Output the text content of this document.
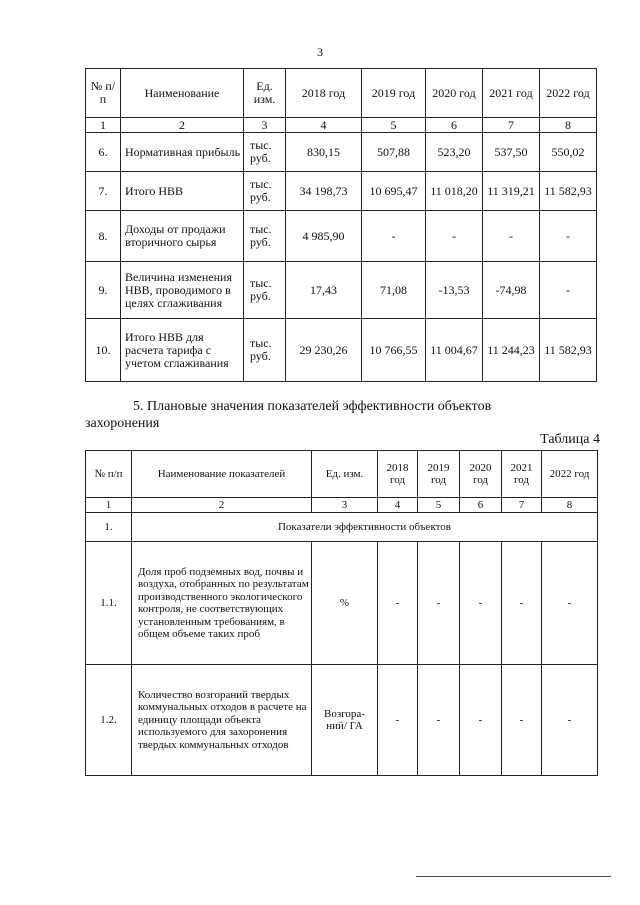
3
№ п/п	Наименование	Ед. изм.	2018 год	2019 год	2020 год	2021 год	2022 год
1	2	3	4	5	6	7	8
6.	Нормативная прибыль	тыс. руб.	830,15	507,88	523,20	537,50	550,02
7.	Итого НВВ	тыс. руб.	34 198,73	10 695,47	11 018,20	11 319,21	11 582,93
8.	Доходы от продажи вторичного сырья	тыс. руб.	4 985,90	-	-	-	-
9.	Величина изменения НВВ, проводимого в целях сглаживания	тыс. руб.	17,43	71,08	-13,53	-74,98	-
10.	Итого НВВ для расчета тарифа с учетом сглаживания	тыс. руб.	29 230,26	10 766,55	11 004,67	11 244,23	11 582,93
5. Плановые значения показателей эффективности объектов
захоронения
Таблица 4
№ п/п	Наименование показателей	Ед. изм.	2018 год	2019 год	2020 год	2021 год	2022 год
1	2	3	4	5	6	7	8
1.	Показатели эффективности объектов						
1.1.	Доля проб подземных вод, почвы и воздуха, отобранных по результатам производственного экологического контроля, не соответствующих установленным требованиям, в общем объеме таких проб	%	-	-	-	-	-
1.2.	Количество возгораний твердых коммунальных отходов в расчете на единицу площади объекта используемого для захоронения твердых коммунальных отходов	Возгора-ний/ ГА	-	-	-	-	-
